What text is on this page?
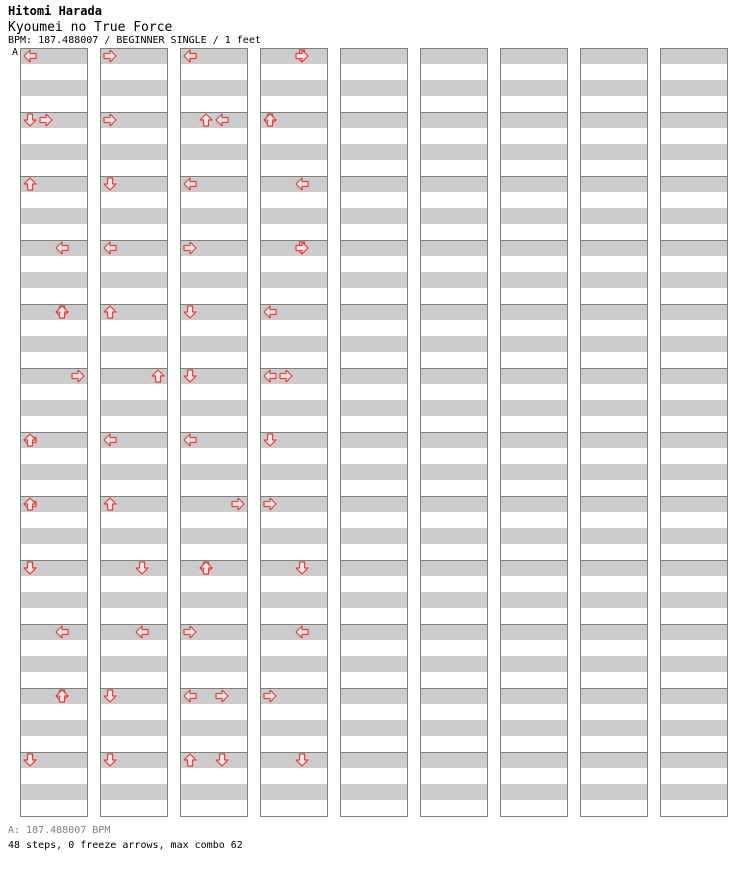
Hitomi Harada
Kyoumei no True Force
BPM: 187.488007 / BEGINNER SINGLE / 1 feet
A
A: 187.488007 BPM
48 steps, 0 freeze arrows, max combo 62
